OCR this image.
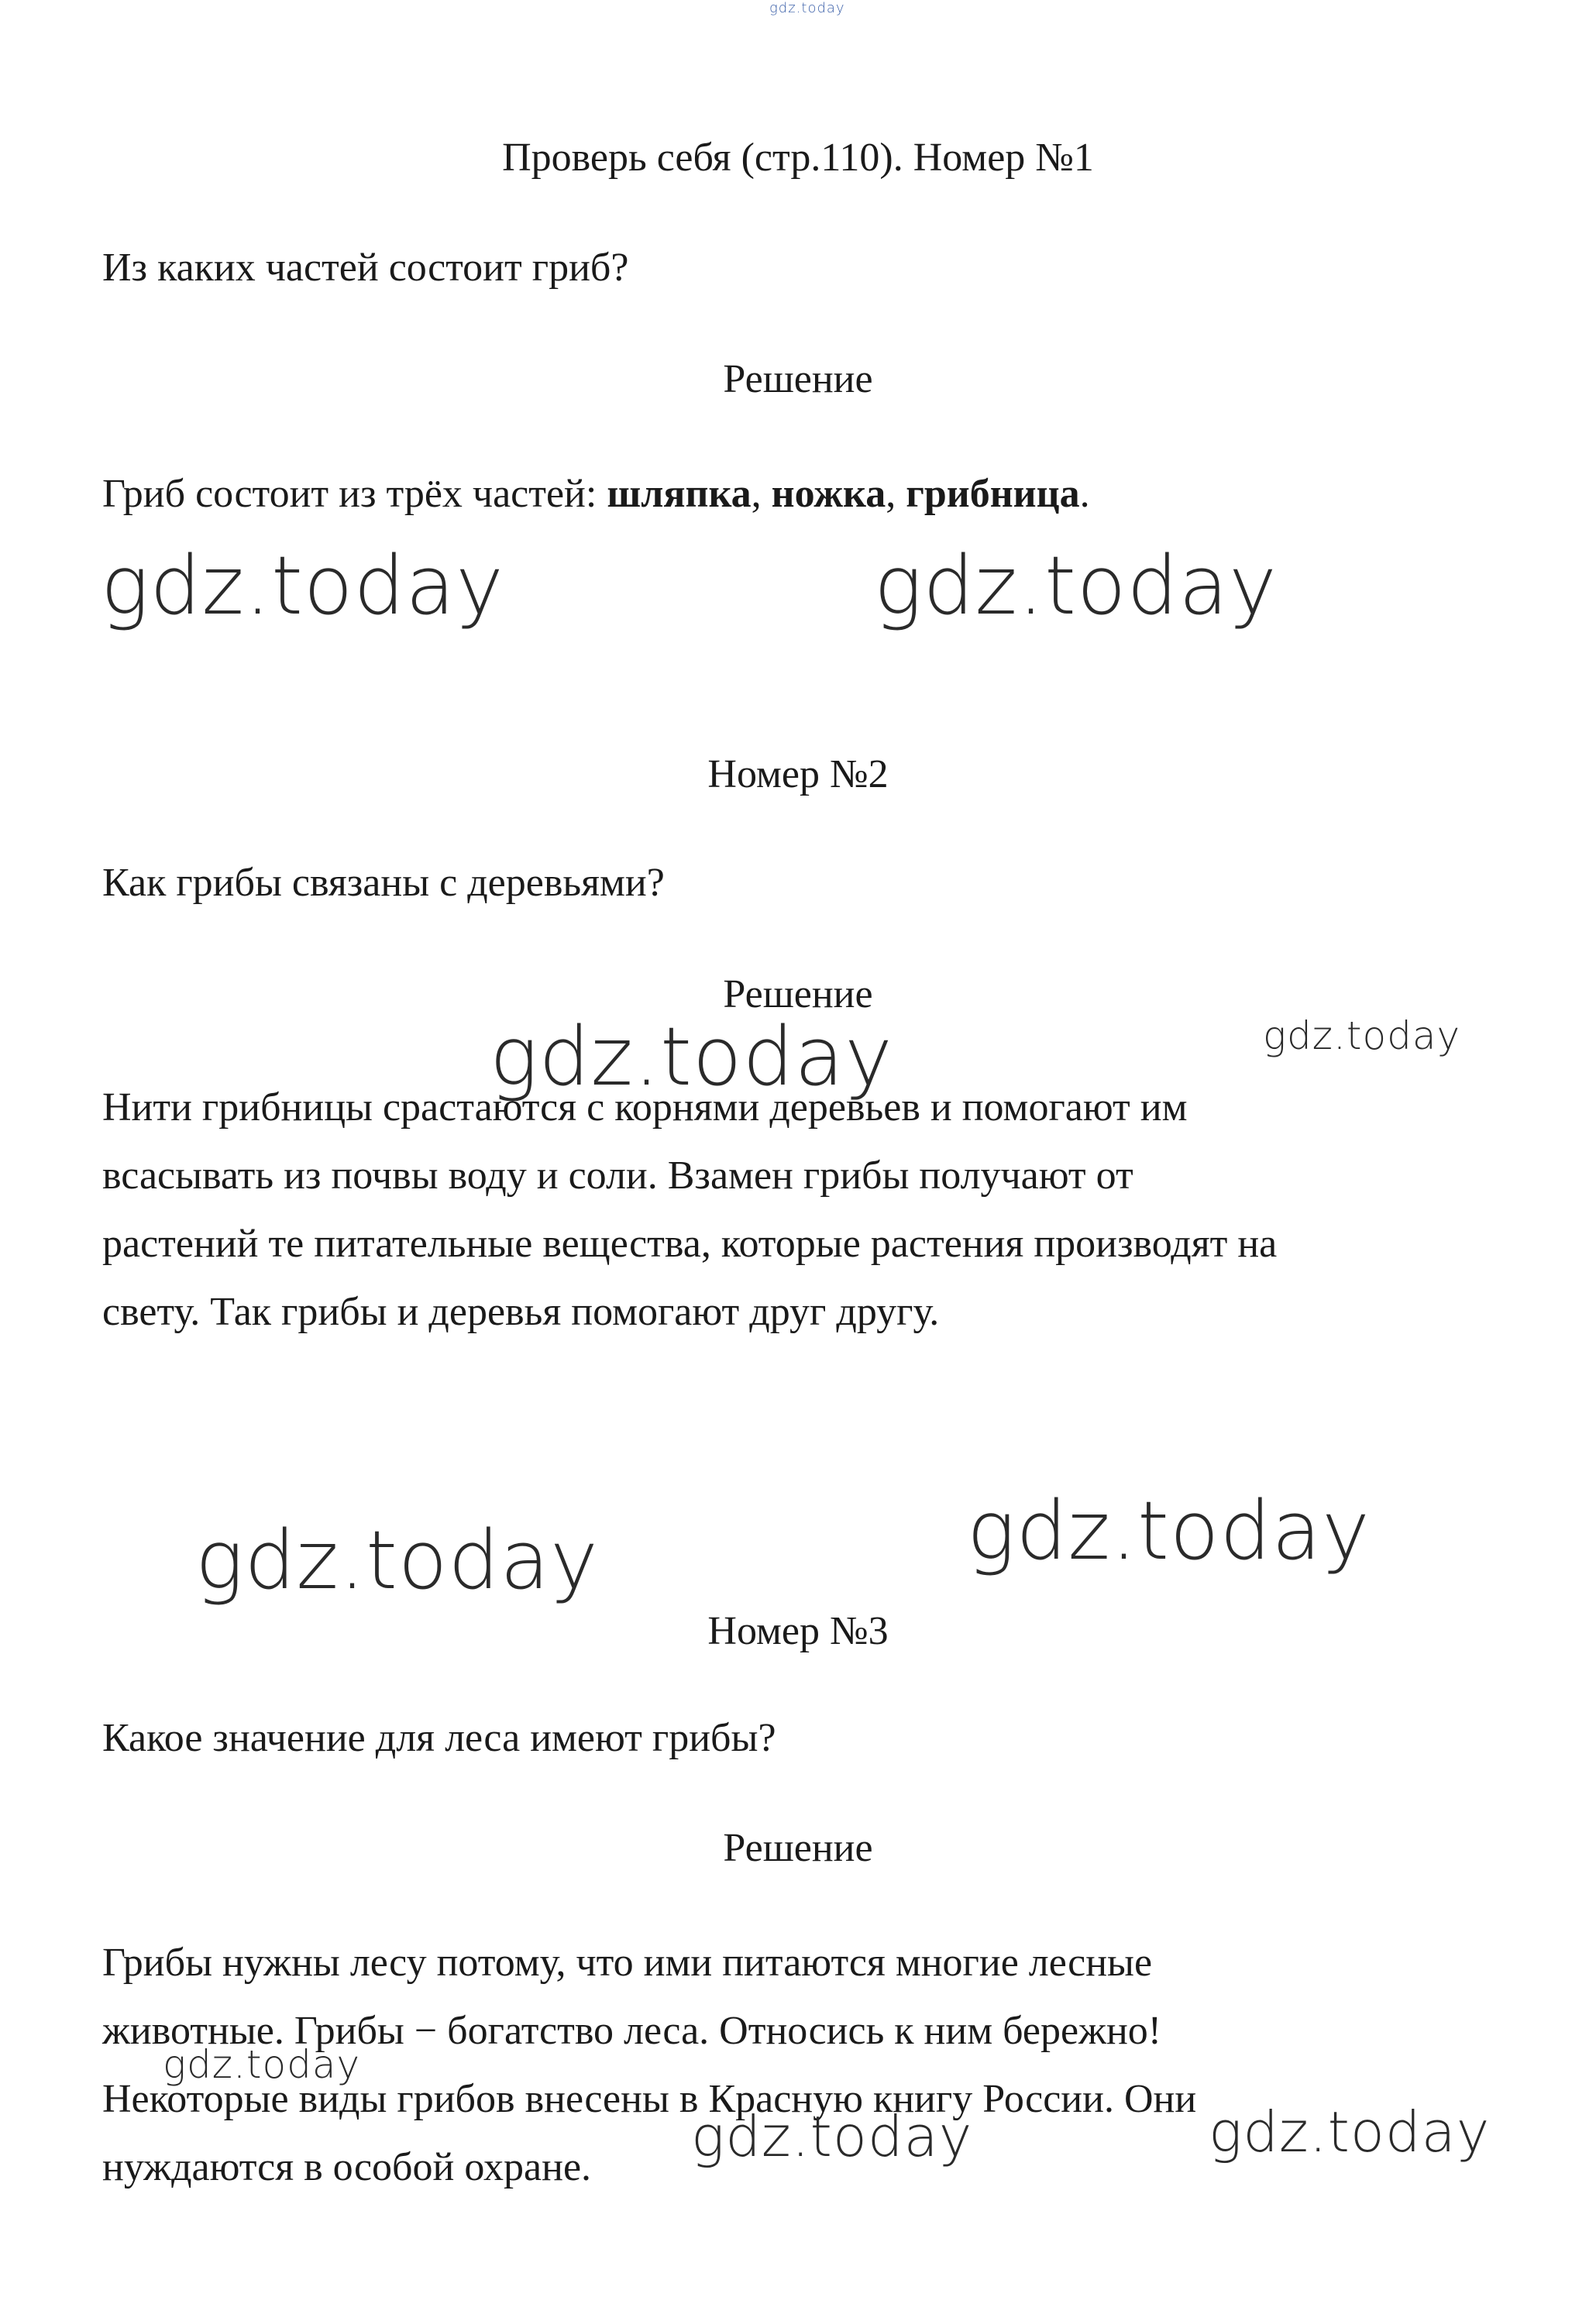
gdz.today

Проверь себя (стр.110). Номер №1

Из каких частей состоит гриб?

Решение

Гриб состоит из трёх частей: шляпка, ножка, грибница.

gdz.today	gdz.today

Номер №2

Как грибы связаны с деревьями?

Решение

gdz.today	gdz.today
Нити грибницы срастаются с корнями деревьев и помогают им
всасывать из почвы воду и соли. Взамен грибы получают от
растений те питательные вещества, которые растения производят на
свету. Так грибы и деревья помогают друг другу.
gdz.today	gdz.today

Номер №3

Какое значение для леса имеют грибы?

Решение

Грибы нужны лесу потому, что ими питаются многие лесные
животные. Грибы − богатство леса. Относись к ним бережно!
Некоторые виды грибов внесены в Красную книгу России. Они
нуждаются в особой охране.
gdz.today
gdz.today	gdz.today
